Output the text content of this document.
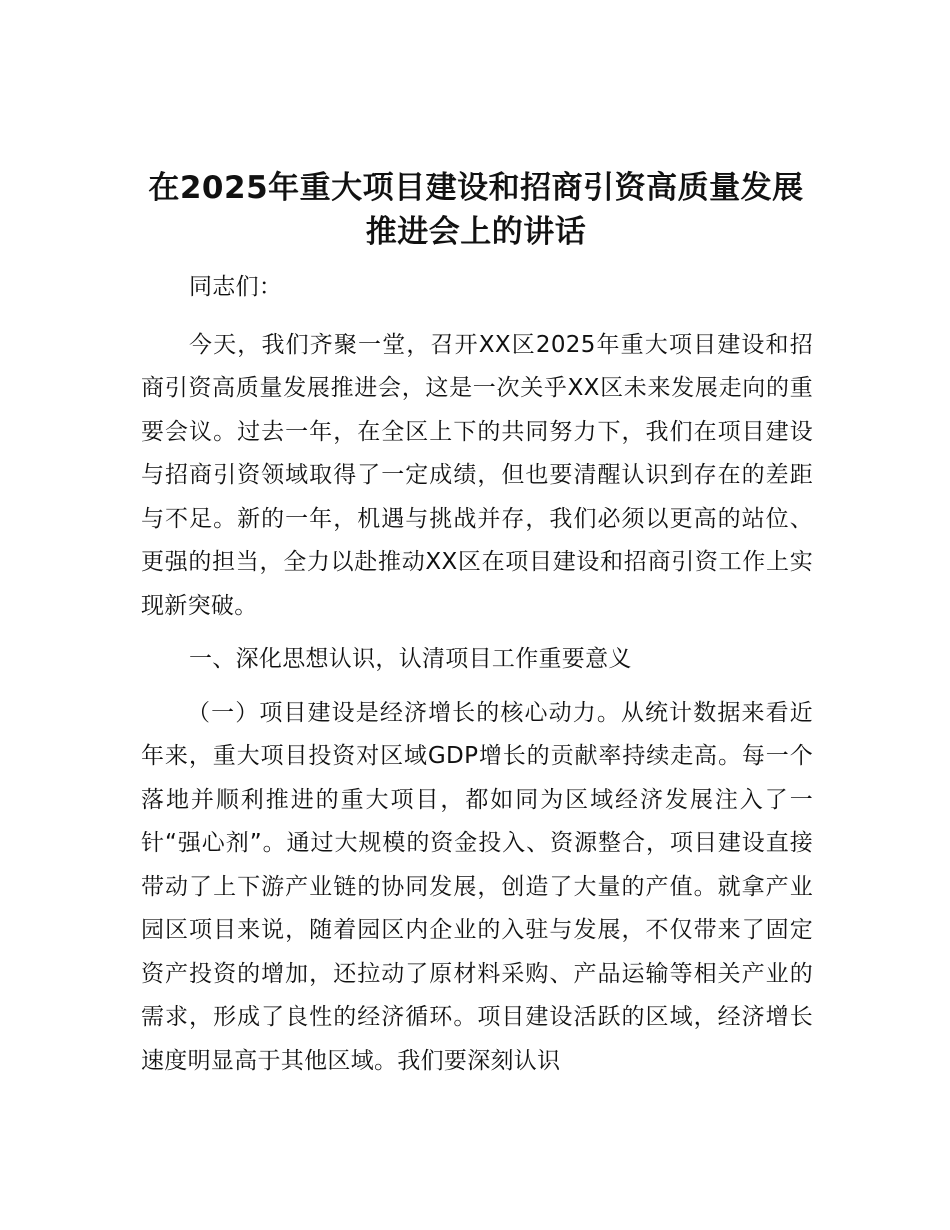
在2025年重大项目建设和招商引资高质量发展推进会上的讲话

同志们：

今天，我们齐聚一堂，召开XX区2025年重大项目建设和招商引资高质量发展推进会，这是一次关乎XX区未来发展走向的重要会议。过去一年，在全区上下的共同努力下，我们在项目建设与招商引资领域取得了一定成绩，但也要清醒认识到存在的差距与不足。新的一年，机遇与挑战并存，我们必须以更高的站位、更强的担当，全力以赴推动XX区在项目建设和招商引资工作上实现新突破。

一、深化思想认识，认清项目工作重要意义

（一）项目建设是经济增长的核心动力。从统计数据来看近年来，重大项目投资对区域GDP增长的贡献率持续走高。每一个落地并顺利推进的重大项目，都如同为区域经济发展注入了一针“强心剂”。通过大规模的资金投入、资源整合，项目建设直接带动了上下游产业链的协同发展，创造了大量的产值。就拿产业园区项目来说，随着园区内企业的入驻与发展，不仅带来了固定资产投资的增加，还拉动了原材料采购、产品运输等相关产业的需求，形成了良性的经济循环。项目建设活跃的区域，经济增长速度明显高于其他区域。我们要深刻认识
